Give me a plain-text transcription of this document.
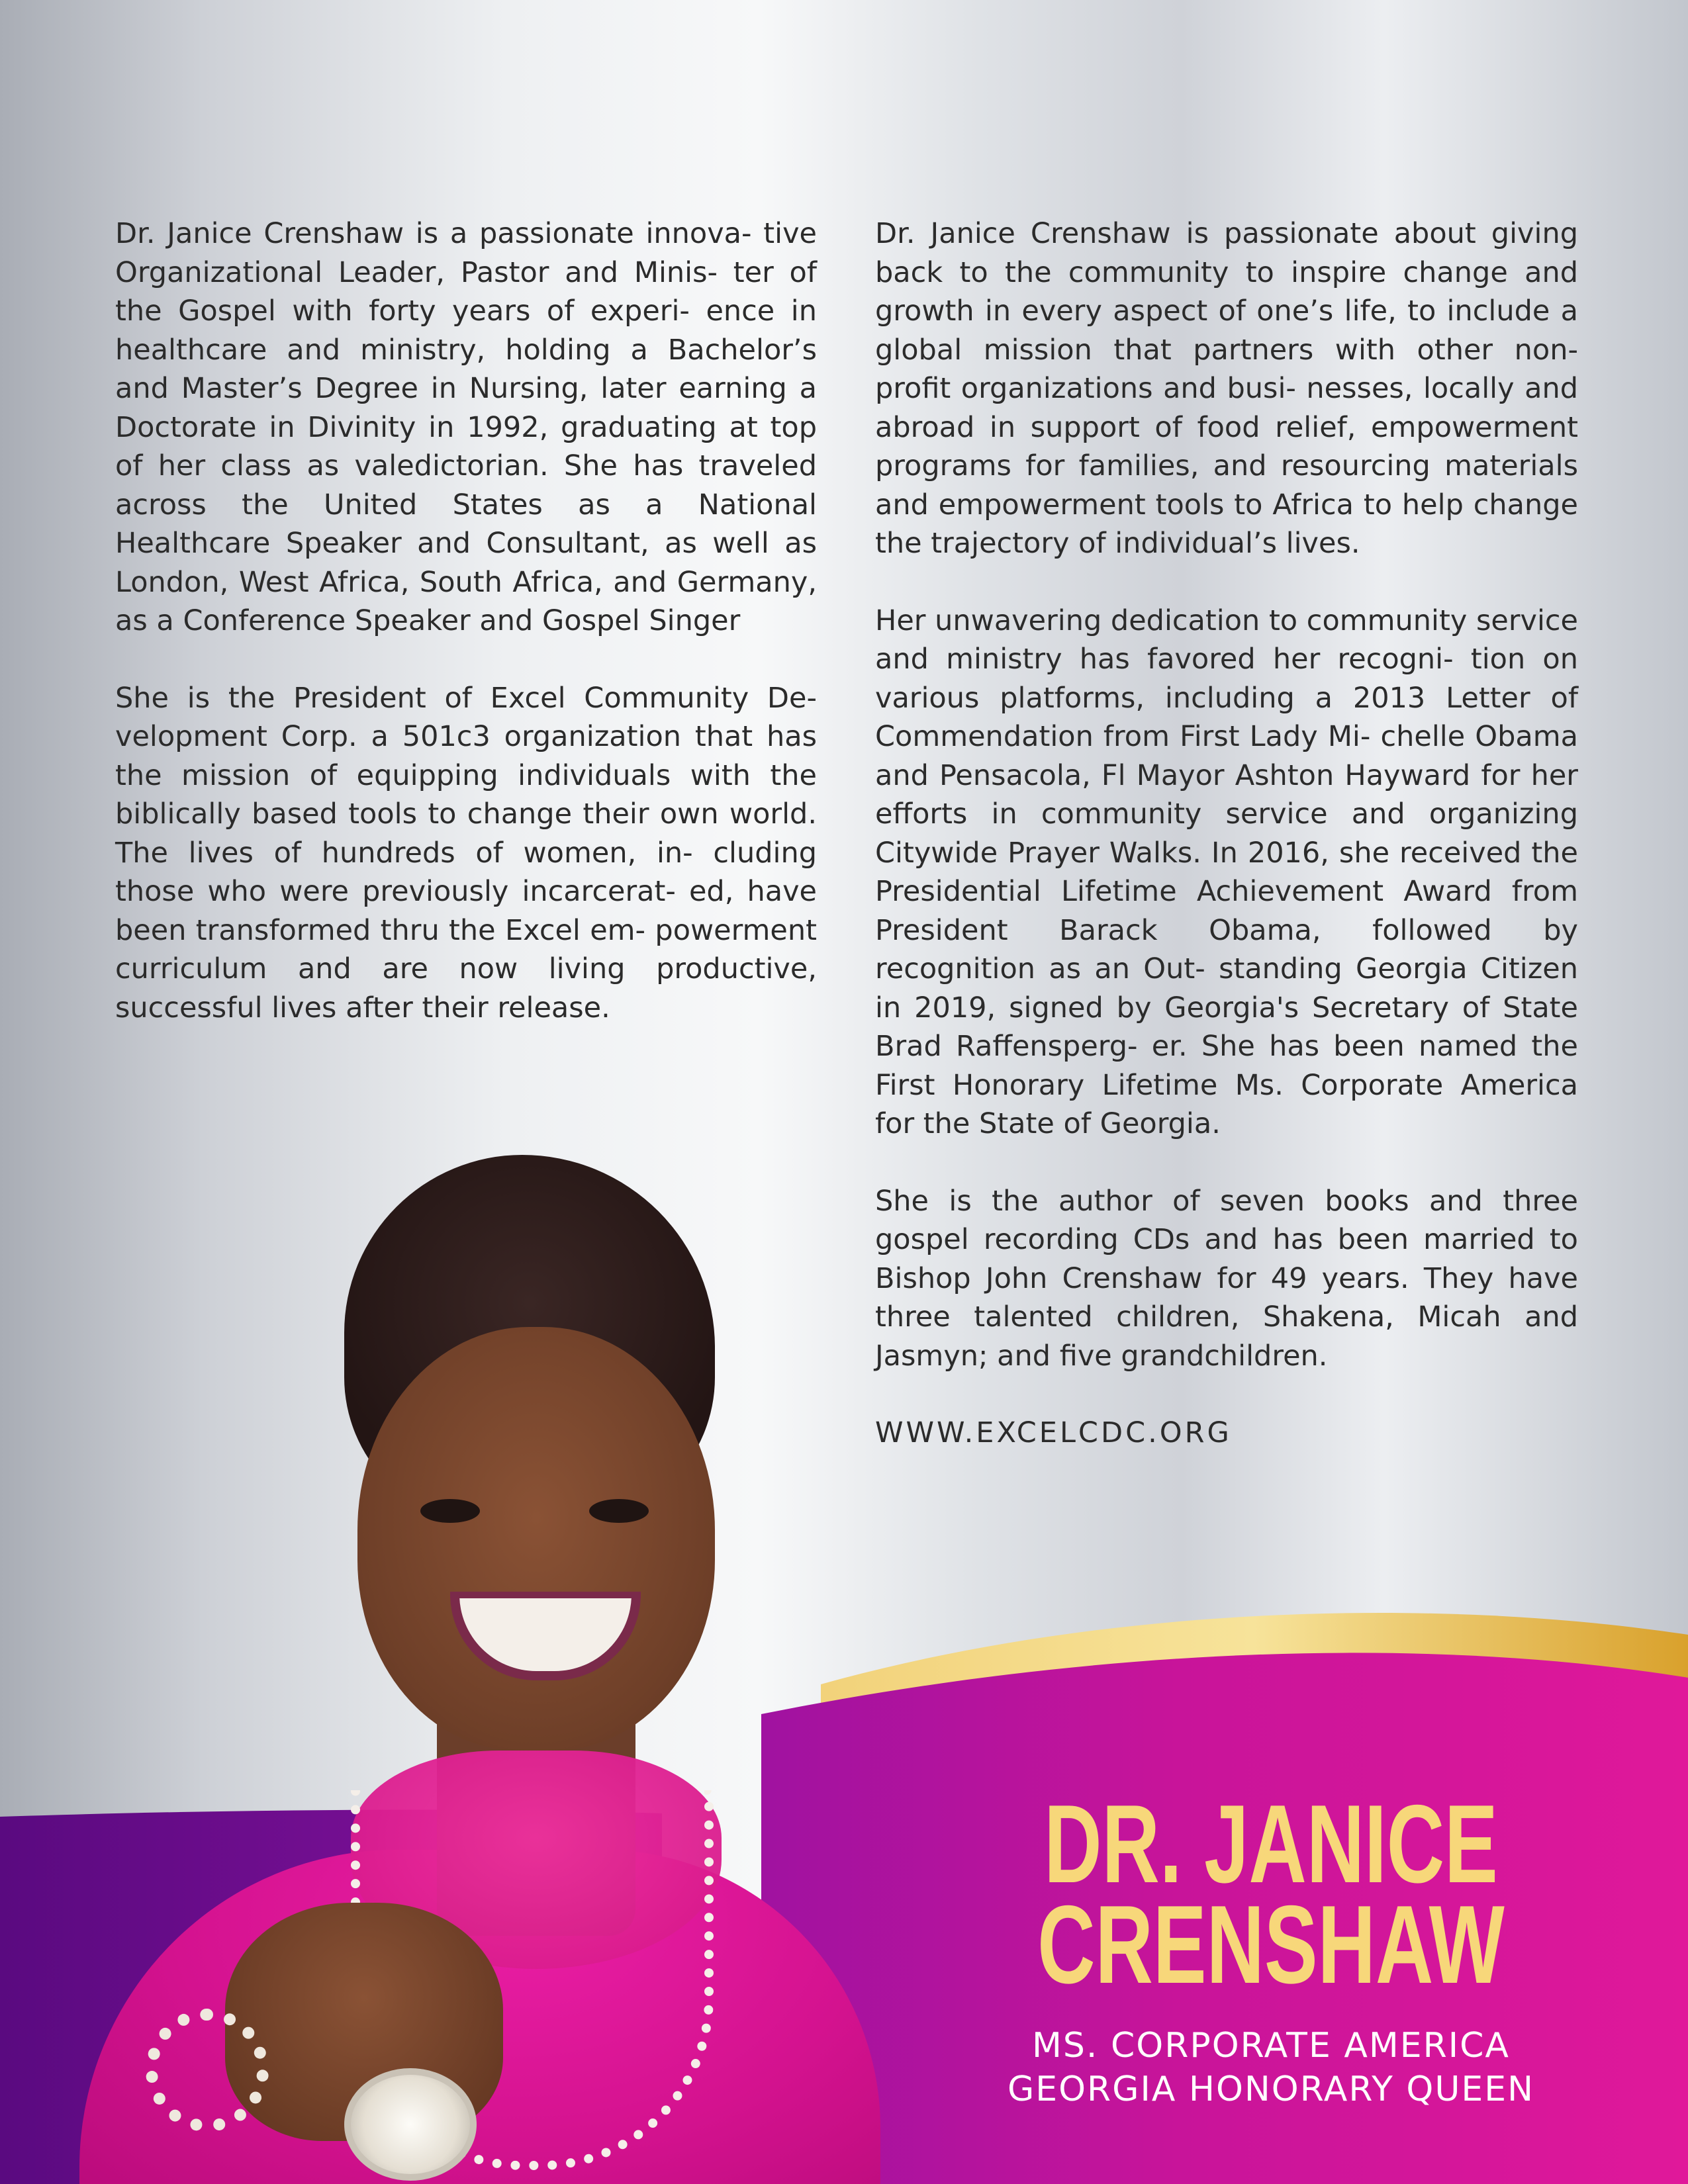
Dr. Janice Crenshaw is a passionate innova- tive Organizational Leader, Pastor and Minis- ter of the Gospel with forty years of experi- ence in healthcare and ministry, holding a Bachelor’s and Master’s Degree in Nursing, later earning a Doctorate in Divinity in 1992, graduating at top of her class as valedictorian. She has traveled across the United States as a National Healthcare Speaker and Consultant, as well as London, West Africa, South Africa, and Germany, as a Conference Speaker and Gospel Singer

She is the President of Excel Community De- velopment Corp. a 501c3 organization that has the mission of equipping individuals with the biblically based tools to change their own world. The lives of hundreds of women, in- cluding those who were previously incarcerat- ed, have been transformed thru the Excel em- powerment curriculum and are now living productive, successful lives after their release.

Dr. Janice Crenshaw is passionate about giving back to the community to inspire change and growth in every aspect of one’s life, to include a global mission that partners with other non-profit organizations and busi- nesses, locally and abroad in support of food relief, empowerment programs for families, and resourcing materials and empowerment tools to Africa to help change the trajectory of individual’s lives.

Her unwavering dedication to community service and ministry has favored her recogni- tion on various platforms, including a 2013 Letter of Commendation from First Lady Mi- chelle Obama and Pensacola, Fl Mayor Ashton Hayward for her efforts in community service and organizing Citywide Prayer Walks. In 2016, she received the Presidential Lifetime Achievement Award from President Barack Obama, followed by recognition as an Out- standing Georgia Citizen in 2019, signed by Georgia's Secretary of State Brad Raffensperg- er. She has been named the First Honorary Lifetime Ms. Corporate America for the State of Georgia.

She is the author of seven books and three gospel recording CDs and has been married to Bishop John Crenshaw for 49 years. They have three talented children, Shakena, Micah and Jasmyn; and five grandchildren.

WWW.EXCELCDC.ORG

DR. JANICE
CRENSHAW
MS. CORPORATE AMERICA
GEORGIA HONORARY QUEEN
